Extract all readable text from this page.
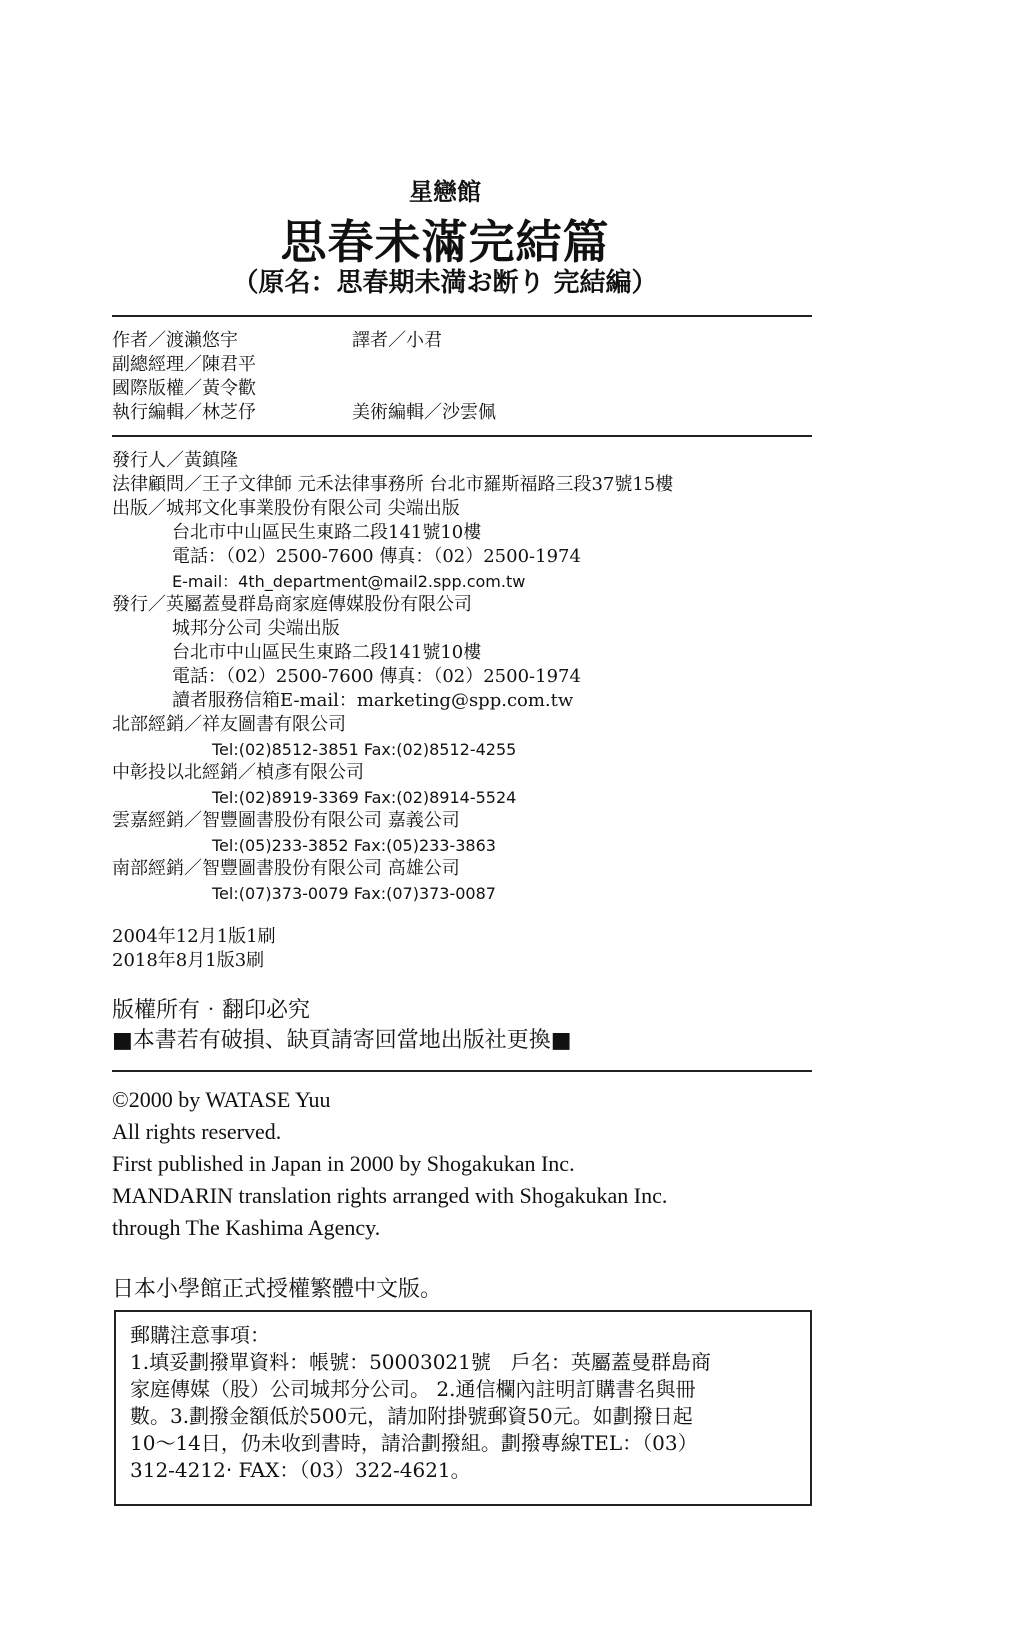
星戀館
思春未滿完結篇
（原名：思春期未満お断り 完結編）
作者／渡瀨悠宇	譯者／小君
副總經理／陳君平
國際版權／黃令歡
執行編輯／林芝伃	美術編輯／沙雲佩
發行人／黃鎮隆
法律顧問／王子文律師 元禾法律事務所 台北市羅斯福路三段37號15樓
出版／城邦文化事業股份有限公司 尖端出版
台北市中山區民生東路二段141號10樓
電話：（02）2500-7600 傳真：（02）2500-1974
E-mail：4th_department@mail2.spp.com.tw
發行／英屬蓋曼群島商家庭傳媒股份有限公司
城邦分公司 尖端出版
台北市中山區民生東路二段141號10樓
電話：（02）2500-7600 傳真：（02）2500-1974
讀者服務信箱E-mail：marketing@spp.com.tw
北部經銷／祥友圖書有限公司
Tel:(02)8512-3851 Fax:(02)8512-4255
中彰投以北經銷／楨彥有限公司
Tel:(02)8919-3369 Fax:(02)8914-5524
雲嘉經銷／智豐圖書股份有限公司 嘉義公司
Tel:(05)233-3852 Fax:(05)233-3863
南部經銷／智豐圖書股份有限公司 高雄公司
Tel:(07)373-0079 Fax:(07)373-0087
2004年12月1版1刷
2018年8月1版3刷
版權所有‧翻印必究
■本書若有破損、缺頁請寄回當地出版社更換■
©2000 by WATASE Yuu
All rights reserved.
First published in Japan in 2000 by Shogakukan Inc.
MANDARIN translation rights arranged with Shogakukan Inc.
through The Kashima Agency.
日本小學館正式授權繁體中文版。
郵購注意事項：
1.填妥劃撥單資料：帳號：50003021號　戶名：英屬蓋曼群島商
家庭傳媒（股）公司城邦分公司。 2.通信欄內註明訂購書名與冊
數。3.劃撥金額低於500元，請加附掛號郵資50元。如劃撥日起
10～14日，仍未收到書時，請洽劃撥組。劃撥專線TEL：（03）
312-4212‧ FAX：（03）322-4621。
